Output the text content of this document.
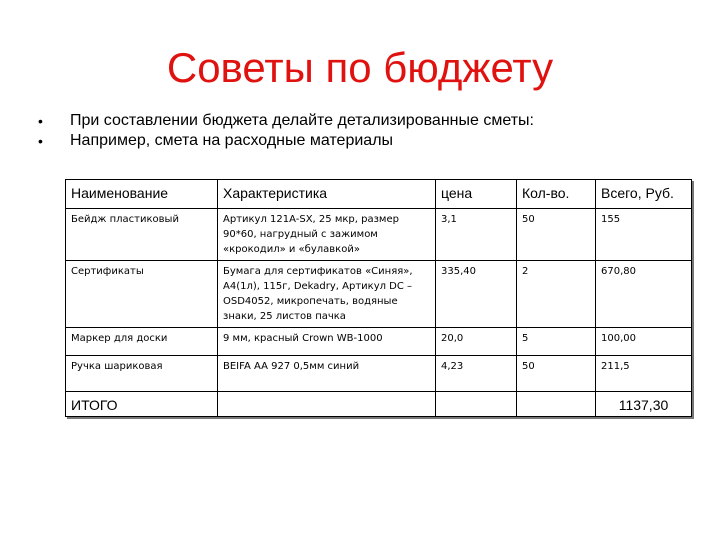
Советы по бюджету
• При составлении бюджета делайте детализированные сметы:
• Например, смета на расходные материалы
Наименование	Характеристика	цена	Кол-во.	Всего, Руб.
Бейдж пластиковый	Артикул 121A-SX, 25 мкр, размер 90*60, нагрудный с зажимом «крокодил» и «булавкой»	3,1	50	155
Сертификаты	Бумага для сертификатов «Синяя», A4(1л), 115г, Dekadry, Артикул DC – OSD4052, микропечать, водяные знаки, 25 листов пачка	335,40	2	670,80
Маркер для доски	9 мм, красный Crown WB-1000	20,0	5	100,00
Ручка шариковая	BEIFA AA 927 0,5мм синий	4,23	50	211,5
ИТОГО				1137,30
